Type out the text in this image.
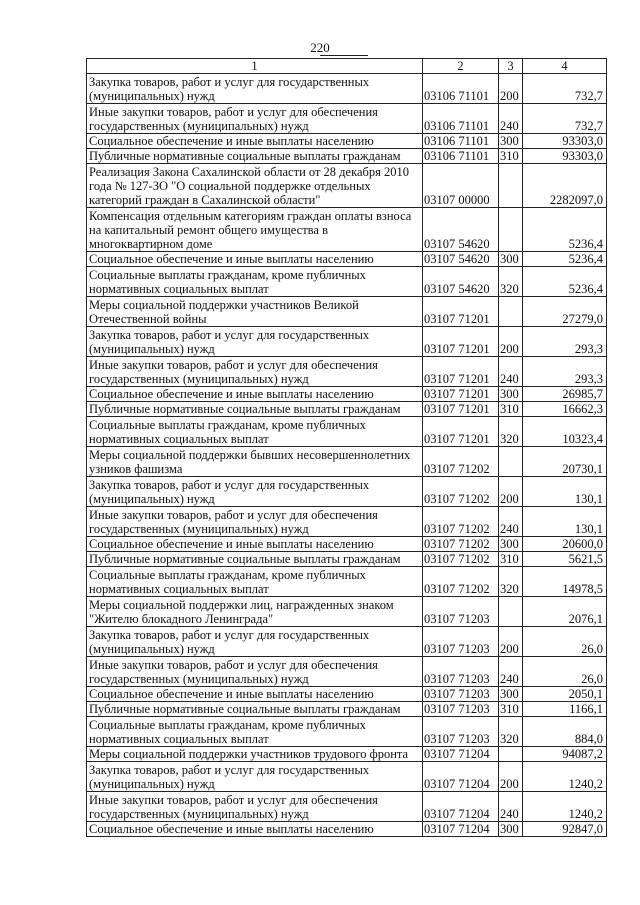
220
1	2	3	4
Закупка товаров, работ и услуг для государственных (муниципальных) нужд	03106 71101	200	732,7
Иные закупки товаров, работ и услуг для обеспечения государственных (муниципальных) нужд	03106 71101	240	732,7
Социальное обеспечение и иные выплаты населению	03106 71101	300	93303,0
Публичные нормативные социальные выплаты гражданам	03106 71101	310	93303,0
Реализация Закона Сахалинской области от 28 декабря 2010 года № 127-ЗО "О социальной поддержке отдельных категорий граждан в Сахалинской области"	03107 00000		2282097,0
Компенсация отдельным категориям граждан оплаты взноса на капитальный ремонт общего имущества в многоквартирном доме	03107 54620		5236,4
Социальное обеспечение и иные выплаты населению	03107 54620	300	5236,4
Социальные выплаты гражданам, кроме публичных нормативных социальных выплат	03107 54620	320	5236,4
Меры социальной поддержки участников Великой Отечественной войны	03107 71201		27279,0
Закупка товаров, работ и услуг для государственных (муниципальных) нужд	03107 71201	200	293,3
Иные закупки товаров, работ и услуг для обеспечения государственных (муниципальных) нужд	03107 71201	240	293,3
Социальное обеспечение и иные выплаты населению	03107 71201	300	26985,7
Публичные нормативные социальные выплаты гражданам	03107 71201	310	16662,3
Социальные выплаты гражданам, кроме публичных нормативных социальных выплат	03107 71201	320	10323,4
Меры социальной поддержки бывших несовершеннолетних узников фашизма	03107 71202		20730,1
Закупка товаров, работ и услуг для государственных (муниципальных) нужд	03107 71202	200	130,1
Иные закупки товаров, работ и услуг для обеспечения государственных (муниципальных) нужд	03107 71202	240	130,1
Социальное обеспечение и иные выплаты населению	03107 71202	300	20600,0
Публичные нормативные социальные выплаты гражданам	03107 71202	310	5621,5
Социальные выплаты гражданам, кроме публичных нормативных социальных выплат	03107 71202	320	14978,5
Меры социальной поддержки лиц, награжденных знаком "Жителю блокадного Ленинграда"	03107 71203		2076,1
Закупка товаров, работ и услуг для государственных (муниципальных) нужд	03107 71203	200	26,0
Иные закупки товаров, работ и услуг для обеспечения государственных (муниципальных) нужд	03107 71203	240	26,0
Социальное обеспечение и иные выплаты населению	03107 71203	300	2050,1
Публичные нормативные социальные выплаты гражданам	03107 71203	310	1166,1
Социальные выплаты гражданам, кроме публичных нормативных социальных выплат	03107 71203	320	884,0
Меры социальной поддержки участников трудового фронта	03107 71204		94087,2
Закупка товаров, работ и услуг для государственных (муниципальных) нужд	03107 71204	200	1240,2
Иные закупки товаров, работ и услуг для обеспечения государственных (муниципальных) нужд	03107 71204	240	1240,2
Социальное обеспечение и иные выплаты населению	03107 71204	300	92847,0
